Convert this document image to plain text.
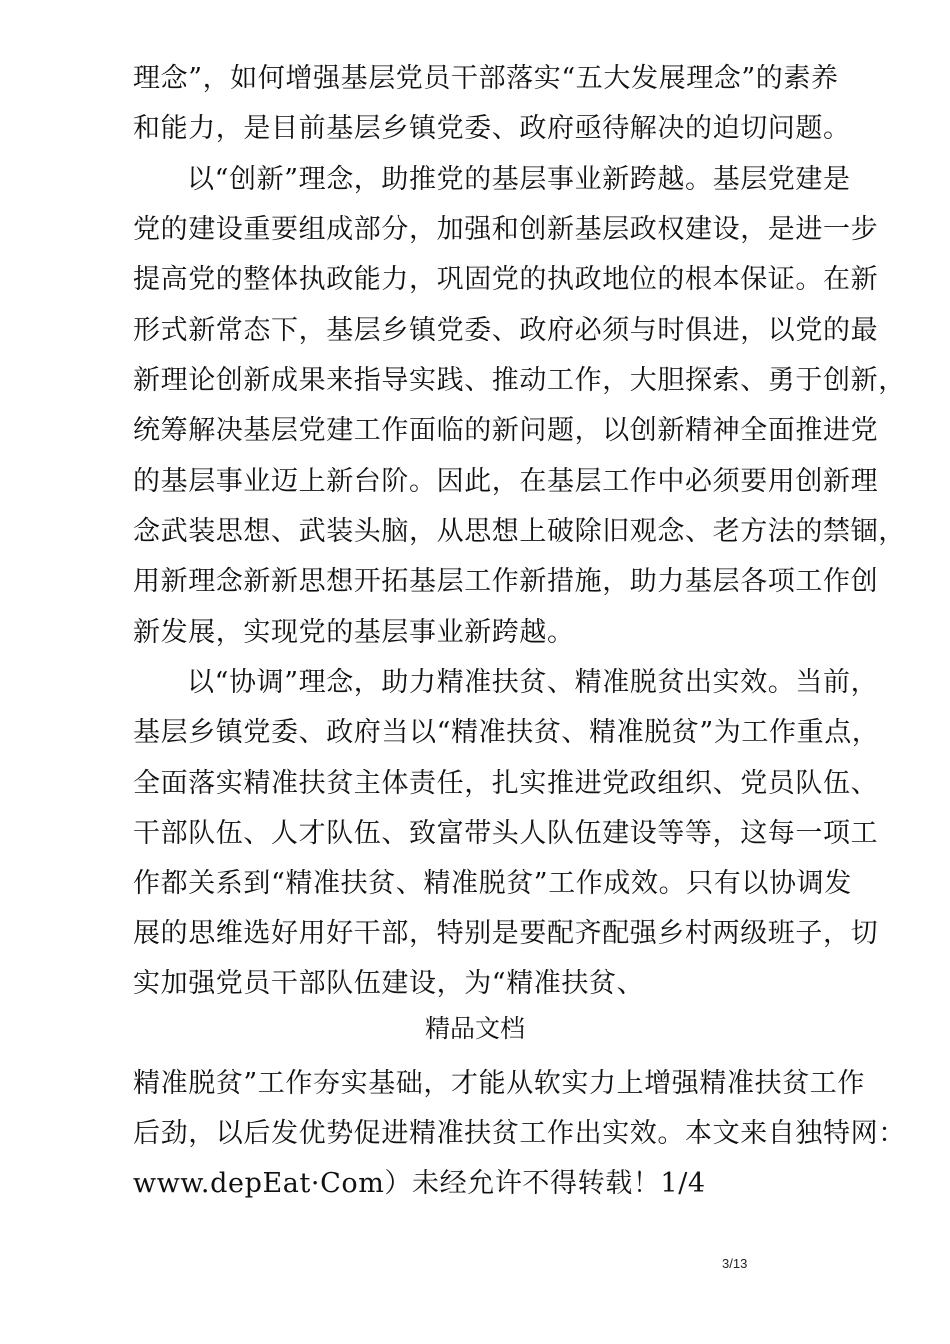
理念”，如何增强基层党员干部落实“五大发展理念”的素养
和能力，是目前基层乡镇党委、政府亟待解决的迫切问题。
以“创新”理念，助推党的基层事业新跨越。基层党建是
党的建设重要组成部分，加强和创新基层政权建设，是进一步
提高党的整体执政能力，巩固党的执政地位的根本保证。在新
形式新常态下，基层乡镇党委、政府必须与时俱进，以党的最
新理论创新成果来指导实践、推动工作，大胆探索、勇于创新，
统筹解决基层党建工作面临的新问题，以创新精神全面推进党
的基层事业迈上新台阶。因此，在基层工作中必须要用创新理
念武装思想、武装头脑，从思想上破除旧观念、老方法的禁锢，
用新理念新新思想开拓基层工作新措施，助力基层各项工作创
新发展，实现党的基层事业新跨越。
以“协调”理念，助力精准扶贫、精准脱贫出实效。当前，
基层乡镇党委、政府当以“精准扶贫、精准脱贫”为工作重点，
全面落实精准扶贫主体责任，扎实推进党政组织、党员队伍、
干部队伍、人才队伍、致富带头人队伍建设等等，这每一项工
作都关系到“精准扶贫、精准脱贫”工作成效。只有以协调发
展的思维选好用好干部，特别是要配齐配强乡村两级班子，切
实加强党员干部队伍建设，为“精准扶贫、
精品文档
精准脱贫”工作夯实基础，才能从软实力上增强精准扶贫工作
后劲，以后发优势促进精准扶贫工作出实效。本文来自独特网：
www.depEat·Com）未经允许不得转载！1/4
3/13
